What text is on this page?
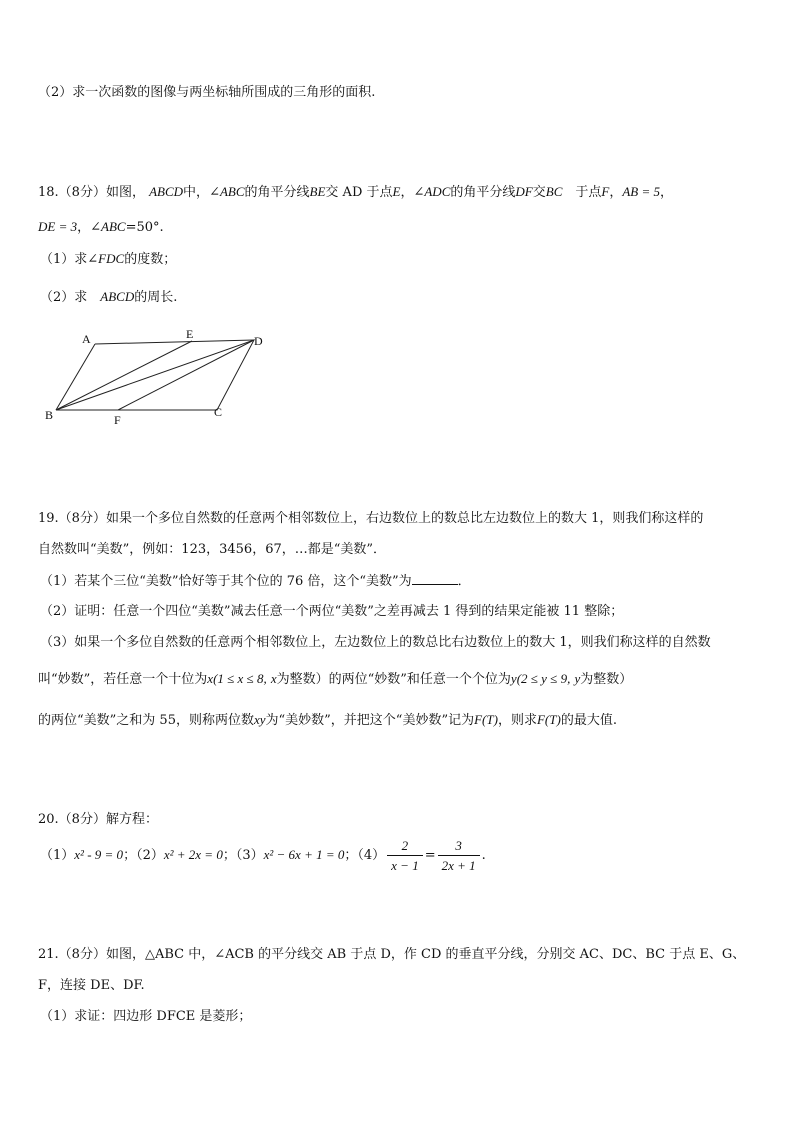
（2）求一次函数的图像与两坐标轴所围成的三角形的面积.
18.（8分）如图， ABCD中，∠ABC的角平分线BE交 AD 于点E，∠ADC的角平分线DF交BC　于点F，AB = 5，
DE = 3，∠ABC=50°.
（1）求∠FDC的度数；
（2）求　ABCD的周长.
A	E	D
B	F
C
19.（8分）如果一个多位自然数的任意两个相邻数位上，右边数位上的数总比左边数位上的数大 1，则我们称这样的
自然数叫“美数”，例如：123，3456，67，…都是“美数”．
（1）若某个三位“美数”恰好等于其个位的 76 倍，这个“美数”为	．
（2）证明：任意一个四位“美数”减去任意一个两位“美数”之差再减去 1 得到的结果定能被 11 整除；
（3）如果一个多位自然数的任意两个相邻数位上，左边数位上的数总比右边数位上的数大 1，则我们称这样的自然数
叫“妙数”，若任意一个十位为x(1 ≤ x ≤ 8, x为整数）的两位“妙数”和任意一个个位为y(2 ≤ y ≤ 9, y为整数）
的两位“美数”之和为 55，则称两位数xy为“美妙数”，并把这个“美妙数”记为F(T)，则求F(T)的最大值.
20.（8分）解方程：
（1）x² - 9 = 0；（2）x² + 2x = 0；（3）x² − 6x + 1 = 0；$(4) \frac{2}{x - 1} = \frac{3}{2x + 1}$ .
21.（8分）如图，△ABC 中，∠ACB 的平分线交 AB 于点 D，作 CD 的垂直平分线，分别交 AC、DC、BC 于点 E、G、
F，连接 DE、DF.
（1）求证：四边形 DFCE 是菱形；
